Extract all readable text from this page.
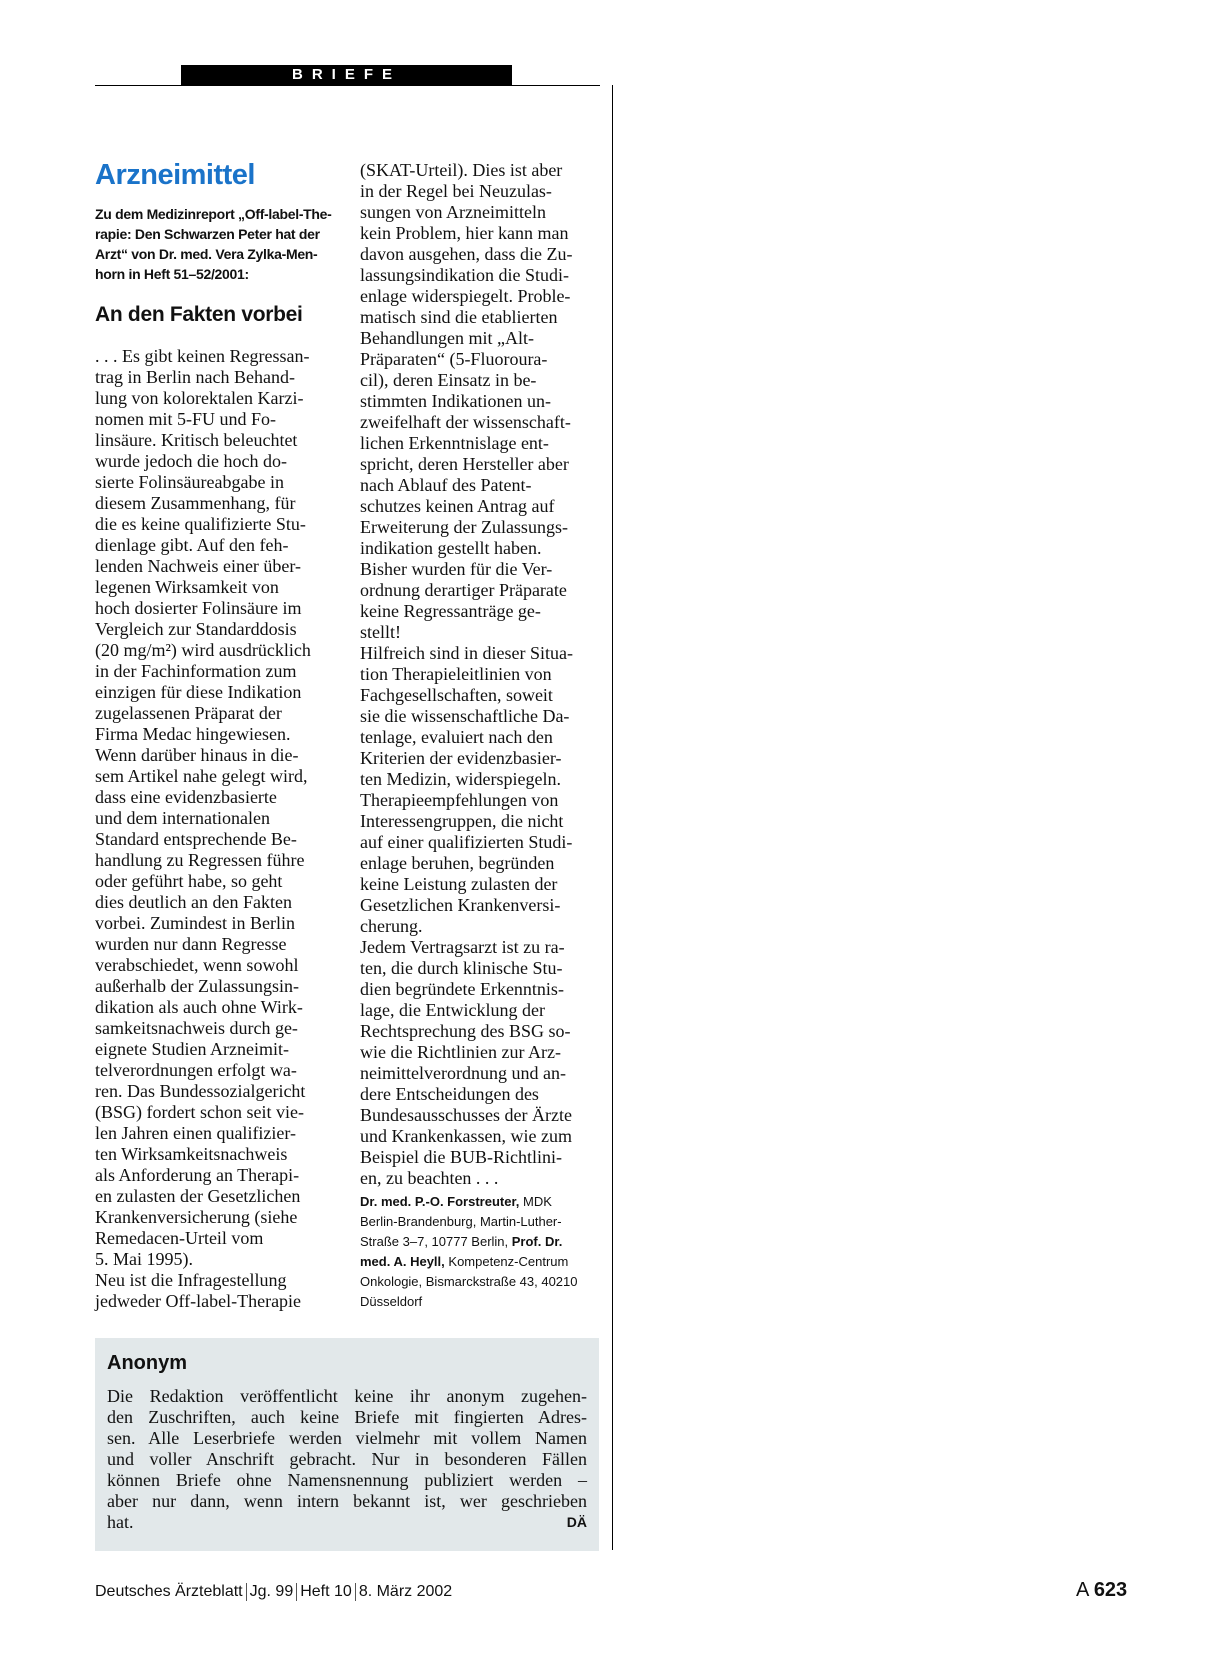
BRIEFE
Arzneimittel
Zu dem Medizinreport „Off-label-The-
rapie: Den Schwarzen Peter hat der
Arzt“ von Dr. med. Vera Zylka-Men-
horn in Heft 51–52/2001:
An den Fakten vorbei
. . . Es gibt keinen Regressan-
trag in Berlin nach Behand-
lung von kolorektalen Karzi-
nomen mit 5-FU und Fo-
linsäure. Kritisch beleuchtet
wurde jedoch die hoch do-
sierte Folinsäureabgabe in
diesem Zusammenhang, für
die es keine qualifizierte Stu-
dienlage gibt. Auf den feh-
lenden Nachweis einer über-
legenen Wirksamkeit von
hoch dosierter Folinsäure im
Vergleich zur Standarddosis
(20 mg/m²) wird ausdrücklich
in der Fachinformation zum
einzigen für diese Indikation
zugelassenen Präparat der
Firma Medac hingewiesen.
Wenn darüber hinaus in die-
sem Artikel nahe gelegt wird,
dass eine evidenzbasierte
und dem internationalen
Standard entsprechende Be-
handlung zu Regressen führe
oder geführt habe, so geht
dies deutlich an den Fakten
vorbei. Zumindest in Berlin
wurden nur dann Regresse
verabschiedet, wenn sowohl
außerhalb der Zulassungsin-
dikation als auch ohne Wirk-
samkeitsnachweis durch ge-
eignete Studien Arzneimit-
telverordnungen erfolgt wa-
ren. Das Bundessozialgericht
(BSG) fordert schon seit vie-
len Jahren einen qualifizier-
ten Wirksamkeitsnachweis
als Anforderung an Therapi-
en zulasten der Gesetzlichen
Krankenversicherung (siehe
Remedacen-Urteil vom
5. Mai 1995).
Neu ist die Infragestellung
jedweder Off-label-Therapie
(SKAT-Urteil). Dies ist aber
in der Regel bei Neuzulas-
sungen von Arzneimitteln
kein Problem, hier kann man
davon ausgehen, dass die Zu-
lassungsindikation die Studi-
enlage widerspiegelt. Proble-
matisch sind die etablierten
Behandlungen mit „Alt-
Präparaten“ (5-Fluoroura-
cil), deren Einsatz in be-
stimmten Indikationen un-
zweifelhaft der wissenschaft-
lichen Erkenntnislage ent-
spricht, deren Hersteller aber
nach Ablauf des Patent-
schutzes keinen Antrag auf
Erweiterung der Zulassungs-
indikation gestellt haben.
Bisher wurden für die Ver-
ordnung derartiger Präparate
keine Regressanträge ge-
stellt!
Hilfreich sind in dieser Situa-
tion Therapieleitlinien von
Fachgesellschaften, soweit
sie die wissenschaftliche Da-
tenlage, evaluiert nach den
Kriterien der evidenzbasier-
ten Medizin, widerspiegeln.
Therapieempfehlungen von
Interessengruppen, die nicht
auf einer qualifizierten Studi-
enlage beruhen, begründen
keine Leistung zulasten der
Gesetzlichen Krankenversi-
cherung.
Jedem Vertragsarzt ist zu ra-
ten, die durch klinische Stu-
dien begründete Erkenntnis-
lage, die Entwicklung der
Rechtsprechung des BSG so-
wie die Richtlinien zur Arz-
neimittelverordnung und an-
dere Entscheidungen des
Bundesausschusses der Ärzte
und Krankenkassen, wie zum
Beispiel die BUB-Richtlini-
en, zu beachten . . .
Dr. med. P.-O. Forstreuter, MDK
Berlin-Brandenburg, Martin-Luther-
Straße 3–7, 10777 Berlin, Prof. Dr.
med. A. Heyll, Kompetenz-Centrum
Onkologie, Bismarckstraße 43, 40210
Düsseldorf
Anonym
Die Redaktion veröffentlicht keine ihr anonym zugehen-
den Zuschriften, auch keine Briefe mit fingierten Adres-
sen. Alle Leserbriefe werden vielmehr mit vollem Namen
und voller Anschrift gebracht. Nur in besonderen Fällen
können Briefe ohne Namensnennung publiziert werden –
aber nur dann, wenn intern bekannt ist, wer geschrieben
hat.	DÄ
Deutsches Ärzteblatt Jg. 99 Heft 10 8. März 2002	A 623
